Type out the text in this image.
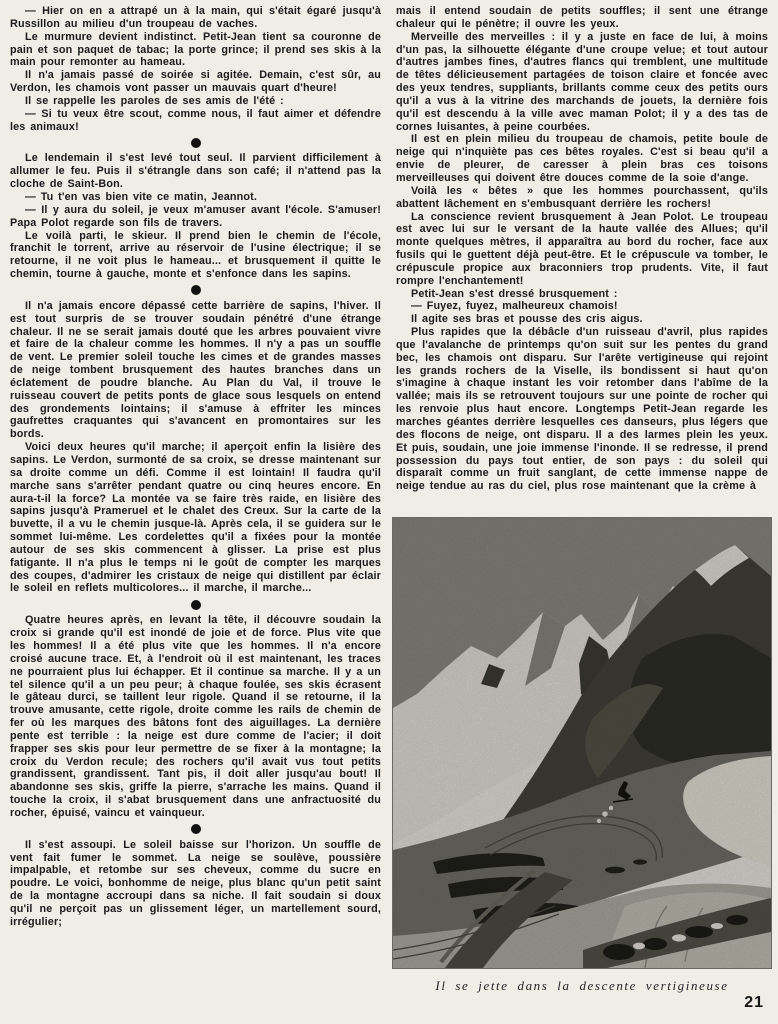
— Hier on en a attrapé un à la main, qui s'était égaré jusqu'à Russillon au milieu d'un troupeau de vaches.

Le murmure devient indistinct. Petit-Jean tient sa couronne de pain et son paquet de tabac; la porte grince; il prend ses skis à la main pour remonter au hameau.

Il n'a jamais passé de soirée si agitée. Demain, c'est sûr, au Verdon, les chamois vont passer un mauvais quart d'heure!

Il se rappelle les paroles de ses amis de l'été :

— Si tu veux être scout, comme nous, il faut aimer et défendre les animaux!

Le lendemain il s'est levé tout seul. Il parvient difficilement à allumer le feu. Puis il s'étrangle dans son café; il n'attend pas la cloche de Saint-Bon.

— Tu t'en vas bien vite ce matin, Jeannot.

— Il y aura du soleil, je veux m'amuser avant l'école. S'amuser! Papa Polot regarde son fils de travers.

Le voilà parti, le skieur. Il prend bien le chemin de l'école, franchit le torrent, arrive au réservoir de l'usine électrique; il se retourne, il ne voit plus le hameau... et brusquement il quitte le chemin, tourne à gauche, monte et s'enfonce dans les sapins.

Il n'a jamais encore dépassé cette barrière de sapins, l'hiver. Il est tout surpris de se trouver soudain pénétré d'une étrange chaleur. Il ne se serait jamais douté que les arbres pouvaient vivre et faire de la chaleur comme les hommes. Il n'y a pas un souffle de vent. Le premier soleil touche les cimes et de grandes masses de neige tombent brusquement des hautes branches dans un éclatement de poudre blanche. Au Plan du Val, il trouve le ruisseau couvert de petits ponts de glace sous lesquels on entend des grondements lointains; il s'amuse à effriter les minces gaufrettes craquantes qui s'avancent en promontaires sur les bords.

Voici deux heures qu'il marche; il aperçoit enfin la lisière des sapins. Le Verdon, surmonté de sa croix, se dresse maintenant sur sa droite comme un défi. Comme il est lointain! Il faudra qu'il marche sans s'arrêter pendant quatre ou cinq heures encore. En aura-t-il la force? La montée va se faire très raide, en lisière des sapins jusqu'à Prameruel et le chalet des Creux. Sur la carte de la buvette, il a vu le chemin jusque-là. Après cela, il se guidera sur le sommet lui-même. Les cordelettes qu'il a fixées pour la montée autour de ses skis commencent à glisser. La prise est plus fatigante. Il n'a plus le temps ni le goût de compter les marques des coupes, d'admirer les cristaux de neige qui distillent par éclair le soleil en reflets multicolores... il marche, il marche...

Quatre heures après, en levant la tête, il découvre soudain la croix si grande qu'il est inondé de joie et de force. Plus vite que les hommes! Il a été plus vite que les hommes. Il n'a encore croisé aucune trace. Et, à l'endroit où il est maintenant, les traces ne pourraient plus lui échapper. Et il continue sa marche. Il y a un tel silence qu'il a un peu peur; à chaque foulée, ses skis écrasent le gâteau durci, se taillent leur rigole. Quand il se retourne, il la trouve amusante, cette rigole, droite comme les rails de chemin de fer où les marques des bâtons font des aiguillages. La dernière pente est terrible : la neige est dure comme de l'acier; il doit frapper ses skis pour leur permettre de se fixer à la montagne; la croix du Verdon recule; des rochers qu'il avait vus tout petits grandissent, grandissent. Tant pis, il doit aller jusqu'au bout! Il abandonne ses skis, griffe la pierre, s'arrache les mains. Quand il touche la croix, il s'abat brusquement dans une anfractuosité du rocher, épuisé, vaincu et vainqueur.

Il s'est assoupi. Le soleil baisse sur l'horizon. Un souffle de vent fait fumer le sommet. La neige se soulève, poussière impalpable, et retombe sur ses cheveux, comme du sucre en poudre. Le voici, bonhomme de neige, plus blanc qu'un petit saint de la montagne accroupi dans sa niche. Il fait soudain si doux qu'il ne perçoit pas un glissement léger, un martellement sourd, irrégulier;

mais il entend soudain de petits souffles; il sent une étrange chaleur qui le pénètre; il ouvre les yeux.

Merveille des merveilles : il y a juste en face de lui, à moins d'un pas, la silhouette élégante d'une croupe velue; et tout autour d'autres jambes fines, d'autres flancs qui tremblent, une multitude de têtes délicieusement partagées de toison claire et foncée avec des yeux tendres, suppliants, brillants comme ceux des petits ours qu'il a vus à la vitrine des marchands de jouets, la dernière fois qu'il est descendu à la ville avec maman Polot; il y a des tas de cornes luisantes, à peine courbées.

Il est en plein milieu du troupeau de chamois, petite boule de neige qui n'inquiète pas ces bêtes royales. C'est si beau qu'il a envie de pleurer, de caresser à plein bras ces toisons merveilleuses qui doivent être douces comme de la soie d'ange.

Voilà les « bêtes » que les hommes pourchassent, qu'ils abattent lâchement en s'embusquant derrière les rochers!

La conscience revient brusquement à Jean Polot. Le troupeau est avec lui sur le versant de la haute vallée des Allues; qu'il monte quelques mètres, il apparaîtra au bord du rocher, face aux fusils qui le guettent déjà peut-être. Et le crépuscule va tomber, le crépuscule propice aux braconniers trop prudents. Vite, il faut rompre l'enchantement!

Petit-Jean s'est dressé brusquement :

— Fuyez, fuyez, malheureux chamois!

Il agite ses bras et pousse des cris aigus.

Plus rapides que la débâcle d'un ruisseau d'avril, plus rapides que l'avalanche de printemps qu'on suit sur les pentes du grand bec, les chamois ont disparu. Sur l'arête vertigineuse qui rejoint les grands rochers de la Viselle, ils bondissent si haut qu'on s'imagine à chaque instant les voir retomber dans l'abîme de la vallée; mais ils se retrouvent toujours sur une pointe de rocher qui les renvoie plus haut encore. Longtemps Petit-Jean regarde les marches géantes derrière lesquelles ces danseurs, plus légers que des flocons de neige, ont disparu. Il a des larmes plein les yeux. Et puis, soudain, une joie immense l'inonde. Il se redresse, il prend possession du pays tout entier, de son pays : du soleil qui disparaît comme un fruit sanglant, de cette immense nappe de neige tendue au ras du ciel, plus rose maintenant que la crème à

Il se jette dans la descente vertigineuse
21
